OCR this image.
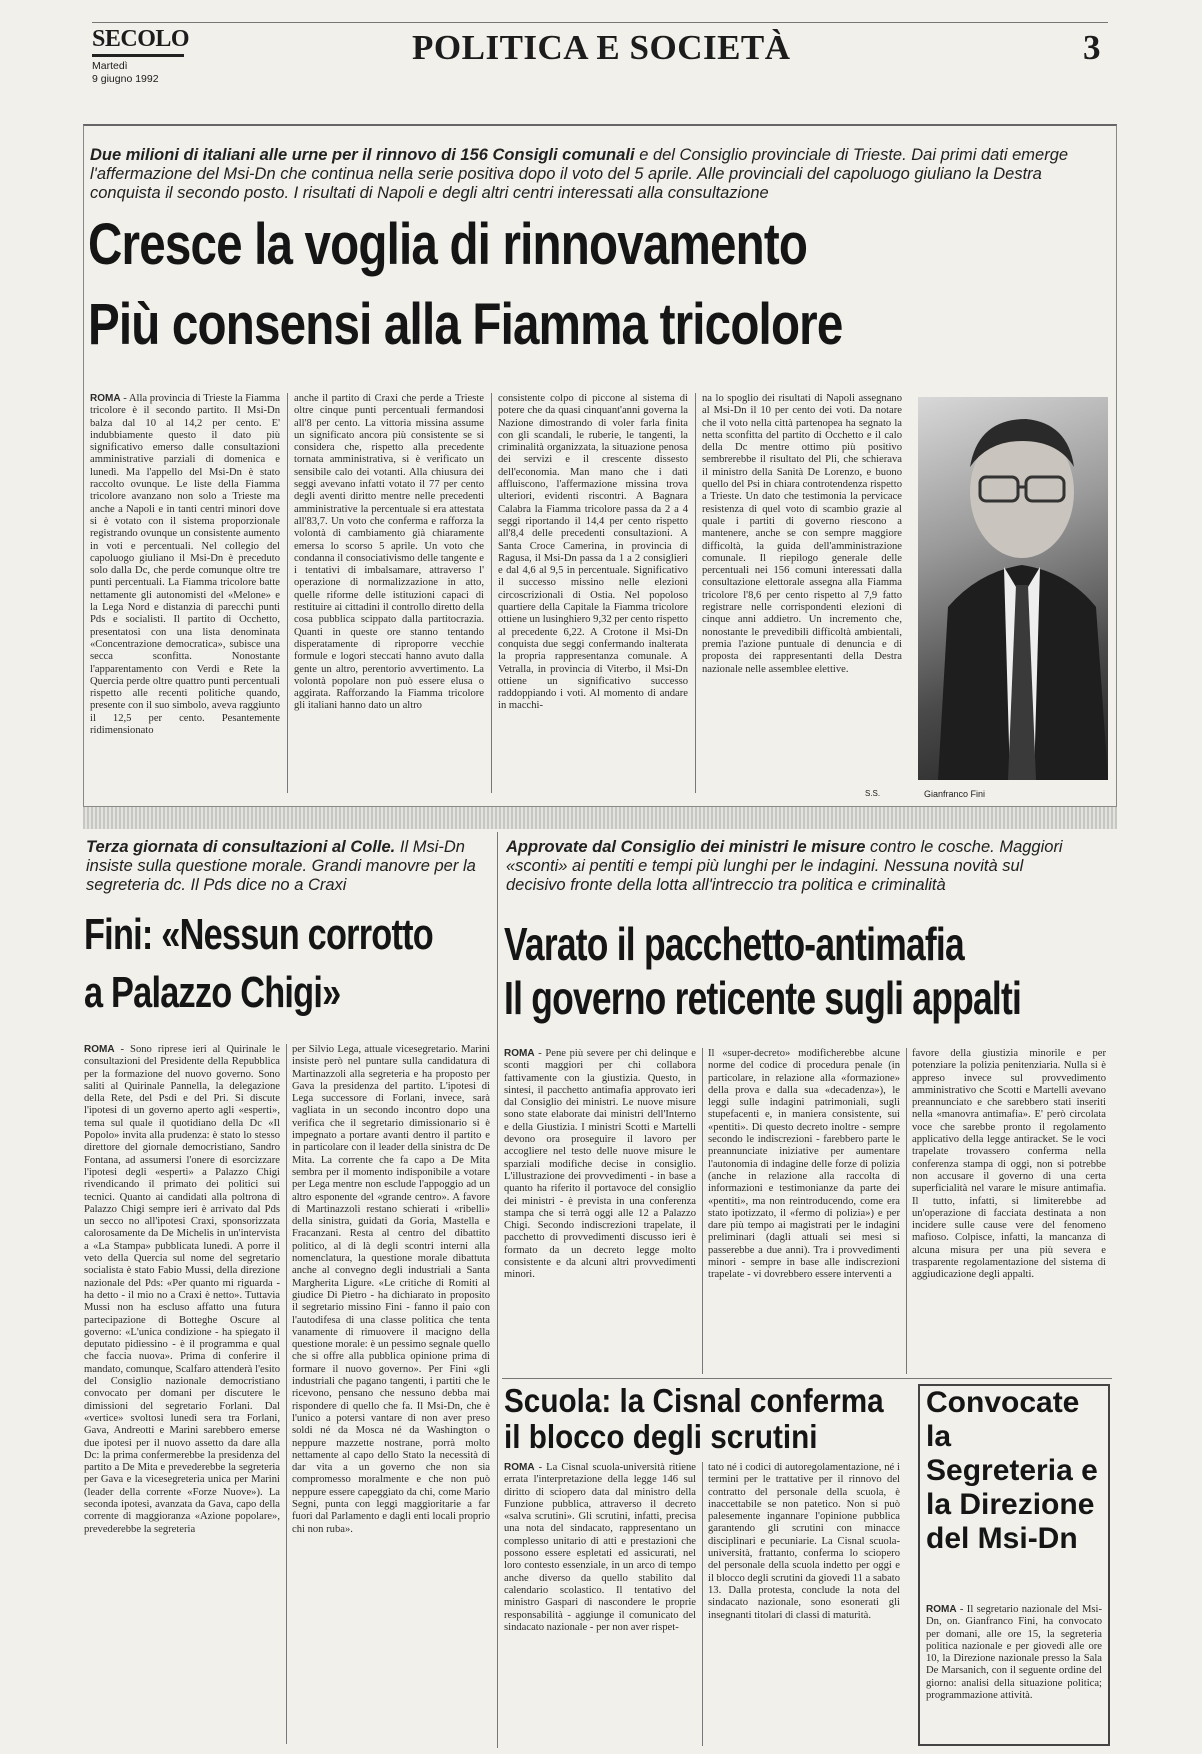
SECOLO
Martedì
9 giugno 1992
POLITICA E SOCIETÀ	3
Due milioni di italiani alle urne per il rinnovo di 156 Consigli comunali e del Consiglio provinciale di Trieste. Dai primi dati emerge l'affermazione del Msi-Dn che continua nella serie positiva dopo il voto del 5 aprile. Alle provinciali del capoluogo giuliano la Destra conquista il secondo posto. I risultati di Napoli e degli altri centri interessati alla consultazione
Cresce la voglia di rinnovamento
Più consensi alla Fiamma tricolore

ROMA - Alla provincia di Trieste la Fiamma tricolore è il secondo partito. Il Msi-Dn balza dal 10 al 14,2 per cento. E' indubbiamente questo il dato più significativo emerso dalle consultazioni amministrative parziali di domenica e lunedì. Ma l'appello del Msi-Dn è stato raccolto ovunque. Le liste della Fiamma tricolore avanzano non solo a Trieste ma anche a Napoli e in tanti centri minori dove si è votato con il sistema proporzionale registrando ovunque un consistente aumento in voti e percentuali. Nel collegio del capoluogo giuliano il Msi-Dn è preceduto solo dalla Dc, che perde comunque oltre tre punti percentuali. La Fiamma tricolore batte nettamente gli autonomisti del «Melone» e la Lega Nord e distanzia di parecchi punti Pds e socialisti. Il partito di Occhetto, presentatosi con una lista denominata «Concentrazione democratica», subisce una secca sconfitta. Nonostante l'apparentamento con Verdi e Rete la Quercia perde oltre quattro punti percentuali rispetto alle recenti politiche quando, presente con il suo simbolo, aveva raggiunto il 12,5 per cento. Pesantemente ridimensionato

anche il partito di Craxi che perde a Trieste oltre cinque punti percentuali fermandosi all'8 per cento. La vittoria missina assume un significato ancora più consistente se si considera che, rispetto alla precedente tornata amministrativa, si è verificato un sensibile calo dei votanti. Alla chiusura dei seggi avevano infatti votato il 77 per cento degli aventi diritto mentre nelle precedenti amministrative la percentuale si era attestata all'83,7. Un voto che conferma e rafforza la volontà di cambiamento già chiaramente emersa lo scorso 5 aprile. Un voto che condanna il consociativismo delle tangente e i tentativi di imbalsamare, attraverso l' operazione di normalizzazione in atto, quelle riforme delle istituzioni capaci di restituire ai cittadini il controllo diretto della cosa pubblica scippato dalla partitocrazia. Quanti in queste ore stanno tentando disperatamente di riproporre vecchie formule e logori steccati hanno avuto dalla gente un altro, perentorio avvertimento. La volontà popolare non può essere elusa o aggirata. Rafforzando la Fiamma tricolore gli italiani hanno dato un altro

consistente colpo di piccone al sistema di potere che da quasi cinquant'anni governa la Nazione dimostrando di voler farla finita con gli scandali, le ruberie, le tangenti, la criminalità organizzata, la situazione penosa dei servizi e il crescente dissesto dell'economia. Man mano che i dati affluiscono, l'affermazione missina trova ulteriori, evidenti riscontri. A Bagnara Calabra la Fiamma tricolore passa da 2 a 4 seggi riportando il 14,4 per cento rispetto all'8,4 delle precedenti consultazioni. A Santa Croce Camerina, in provincia di Ragusa, il Msi-Dn passa da 1 a 2 consiglieri e dal 4,6 al 9,5 in percentuale. Significativo il successo missino nelle elezioni circoscrizionali di Ostia. Nel popoloso quartiere della Capitale la Fiamma tricolore ottiene un lusinghiero 9,32 per cento rispetto al precedente 6,22. A Crotone il Msi-Dn conquista due seggi confermando inalterata la propria rappresentanza comunale. A Vetralla, in provincia di Viterbo, il Msi-Dn ottiene un significativo successo raddoppiando i voti. Al momento di andare in macchi-

na lo spoglio dei risultati di Napoli assegnano al Msi-Dn il 10 per cento dei voti. Da notare che il voto nella città partenopea ha segnato la netta sconfitta del partito di Occhetto e il calo della Dc mentre ottimo più positivo sembrerebbe il risultato del Pli, che schierava il ministro della Sanità De Lorenzo, e buono quello del Psi in chiara controtendenza rispetto a Trieste. Un dato che testimonia la pervicace resistenza di quel voto di scambio grazie al quale i partiti di governo riescono a mantenere, anche se con sempre maggiore difficoltà, la guida dell'amministrazione comunale. Il riepilogo generale delle percentuali nei 156 comuni interessati dalla consultazione elettorale assegna alla Fiamma tricolore l'8,6 per cento rispetto al 7,9 fatto registrare nelle corrispondenti elezioni di cinque anni addietro. Un incremento che, nonostante le prevedibili difficoltà ambientali, premia l'azione puntuale di denuncia e di proposta dei rappresentanti della Destra nazionale nelle assemblee elettive.

S.S.	Gianfranco Fini
Terza giornata di consultazioni al Colle. Il Msi-Dn insiste sulla questione morale. Grandi manovre per la segreteria dc. Il Pds dice no a Craxi
Fini: «Nessun corrotto
a Palazzo Chigi»

ROMA - Sono riprese ieri al Quirinale le consultazioni del Presidente della Repubblica per la formazione del nuovo governo. Sono saliti al Quirinale Pannella, la delegazione della Rete, del Psdi e del Pri. Si discute l'ipotesi di un governo aperto agli «esperti», tema sul quale il quotidiano della Dc «Il Popolo» invita alla prudenza: è stato lo stesso direttore del giornale democristiano, Sandro Fontana, ad assumersi l'onere di esorcizzare l'ipotesi degli «esperti» a Palazzo Chigi rivendicando il primato dei politici sui tecnici. Quanto ai candidati alla poltrona di Palazzo Chigi sempre ieri è arrivato dal Pds un secco no all'ipotesi Craxi, sponsorizzata calorosamente da De Michelis in un'intervista a «La Stampa» pubblicata lunedì. A porre il veto della Quercia sul nome del segretario socialista è stato Fabio Mussi, della direzione nazionale del Pds: «Per quanto mi riguarda - ha detto - il mio no a Craxi è netto». Tuttavia Mussi non ha escluso affatto una futura partecipazione di Botteghe Oscure al governo: «L'unica condizione - ha spiegato il deputato pidiessino - è il programma e qual che faccia nuova». Prima di conferire il mandato, comunque, Scalfaro attenderà l'esito del Consiglio nazionale democristiano convocato per domani per discutere le dimissioni del segretario Forlani. Dal «vertice» svoltosi lunedì sera tra Forlani, Gava, Andreotti e Marini sarebbero emerse due ipotesi per il nuovo assetto da dare alla Dc: la prima confermerebbe la presidenza del partito a De Mita e prevederebbe la segreteria per Gava e la vicesegreteria unica per Marini (leader della corrente «Forze Nuove»). La seconda ipotesi, avanzata da Gava, capo della corrente di maggioranza «Azione popolare», prevederebbe la segreteria

per Silvio Lega, attuale vicesegretario. Marini insiste però nel puntare sulla candidatura di Martinazzoli alla segreteria e ha proposto per Gava la presidenza del partito. L'ipotesi di Lega successore di Forlani, invece, sarà vagliata in un secondo incontro dopo una verifica che il segretario dimissionario si è impegnato a portare avanti dentro il partito e in particolare con il leader della sinistra dc De Mita. La corrente che fa capo a De Mita sembra per il momento indisponibile a votare per Lega mentre non esclude l'appoggio ad un altro esponente del «grande centro». A favore di Martinazzoli restano schierati i «ribelli» della sinistra, guidati da Goria, Mastella e Fracanzani. Resta al centro del dibattito politico, al di là degli scontri interni alla nomenclatura, la questione morale dibattuta anche al convegno degli industriali a Santa Margherita Ligure. «Le critiche di Romiti al giudice Di Pietro - ha dichiarato in proposito il segretario missino Fini - fanno il paio con l'autodifesa di una classe politica che tenta vanamente di rimuovere il macigno della questione morale: è un pessimo segnale quello che si offre alla pubblica opinione prima di formare il nuovo governo». Per Fini «gli industriali che pagano tangenti, i partiti che le ricevono, pensano che nessuno debba mai rispondere di quello che fa. Il Msi-Dn, che è l'unico a potersi vantare di non aver preso soldi né da Mosca né da Washington o neppure mazzette nostrane, porrà molto nettamente al capo dello Stato la necessità di dar vita a un governo che non sia compromesso moralmente e che non può neppure essere capeggiato da chi, come Mario Segni, punta con leggi maggioritarie a far fuori dal Parlamento e dagli enti locali proprio chi non ruba».

Approvate dal Consiglio dei ministri le misure contro le cosche. Maggiori «sconti» ai pentiti e tempi più lunghi per le indagini. Nessuna novità sul decisivo fronte della lotta all'intreccio tra politica e criminalità
Varato il pacchetto-antimafia
Il governo reticente sugli appalti

ROMA - Pene più severe per chi delinque e sconti maggiori per chi collabora fattivamente con la giustizia. Questo, in sintesi, il pacchetto antimafia approvato ieri dal Consiglio dei ministri. Le nuove misure sono state elaborate dai ministri dell'Interno e della Giustizia. I ministri Scotti e Martelli devono ora proseguire il lavoro per accogliere nel testo delle nuove misure le sparziali modifiche decise in consiglio. L'illustrazione dei provvedimenti - in base a quanto ha riferito il portavoce del consiglio dei ministri - è prevista in una conferenza stampa che si terrà oggi alle 12 a Palazzo Chigi. Secondo indiscrezioni trapelate, il pacchetto di provvedimenti discusso ieri è formato da un decreto legge molto consistente e da alcuni altri provvedimenti minori.

Il «super-decreto» modificherebbe alcune norme del codice di procedura penale (in particolare, in relazione alla «formazione» della prova e dalla sua «decadenza»), le leggi sulle indagini patrimoniali, sugli stupefacenti e, in maniera consistente, sui «pentiti». Di questo decreto inoltre - sempre secondo le indiscrezioni - farebbero parte le preannunciate iniziative per aumentare l'autonomia di indagine delle forze di polizia (anche in relazione alla raccolta di informazioni e testimonianze da parte dei «pentiti», ma non reintroducendo, come era stato ipotizzato, il «fermo di polizia») e per dare più tempo ai magistrati per le indagini preliminari (dagli attuali sei mesi si passerebbe a due anni). Tra i provvedimenti minori - sempre in base alle indiscrezioni trapelate - vi dovrebbero essere interventi a

favore della giustizia minorile e per potenziare la polizia penitenziaria. Nulla si è appreso invece sul provvedimento amministrativo che Scotti e Martelli avevano preannunciato e che sarebbero stati inseriti nella «manovra antimafia». E' però circolata voce che sarebbe pronto il regolamento applicativo della legge antiracket. Se le voci trapelate trovassero conferma nella conferenza stampa di oggi, non si potrebbe non accusare il governo di una certa superficialità nel varare le misure antimafia. Il tutto, infatti, si limiterebbe ad un'operazione di facciata destinata a non incidere sulle cause vere del fenomeno mafioso. Colpisce, infatti, la mancanza di alcuna misura per una più severa e trasparente regolamentazione del sistema di aggiudicazione degli appalti.

Scuola: la Cisnal conferma
il blocco degli scrutini

ROMA - La Cisnal scuola-università ritiene errata l'interpretazione della legge 146 sul diritto di sciopero data dal ministro della Funzione pubblica, attraverso il decreto «salva scrutini». Gli scrutini, infatti, precisa una nota del sindacato, rappresentano un complesso unitario di atti e prestazioni che possono essere espletati ed assicurati, nel loro contesto essenziale, in un arco di tempo anche diverso da quello stabilito dal calendario scolastico. Il tentativo del ministro Gaspari di nascondere le proprie responsabilità - aggiunge il comunicato del sindacato nazionale - per non aver rispet-

tato né i codici di autoregolamentazione, né i termini per le trattative per il rinnovo del contratto del personale della scuola, è inaccettabile se non patetico. Non si può palesemente ingannare l'opinione pubblica garantendo gli scrutini con minacce disciplinari e pecuniarie. La Cisnal scuola-università, frattanto, conferma lo sciopero del personale della scuola indetto per oggi e il blocco degli scrutini da giovedì 11 a sabato 13. Dalla protesta, conclude la nota del sindacato nazionale, sono esonerati gli insegnanti titolari di classi di maturità.

Convocate la Segreteria e la Direzione del Msi-Dn

ROMA - Il segretario nazionale del Msi-Dn, on. Gianfranco Fini, ha convocato per domani, alle ore 15, la segreteria politica nazionale e per giovedì alle ore 10, la Direzione nazionale presso la Sala De Marsanich, con il seguente ordine del giorno: analisi della situazione politica; programmazione attività.
